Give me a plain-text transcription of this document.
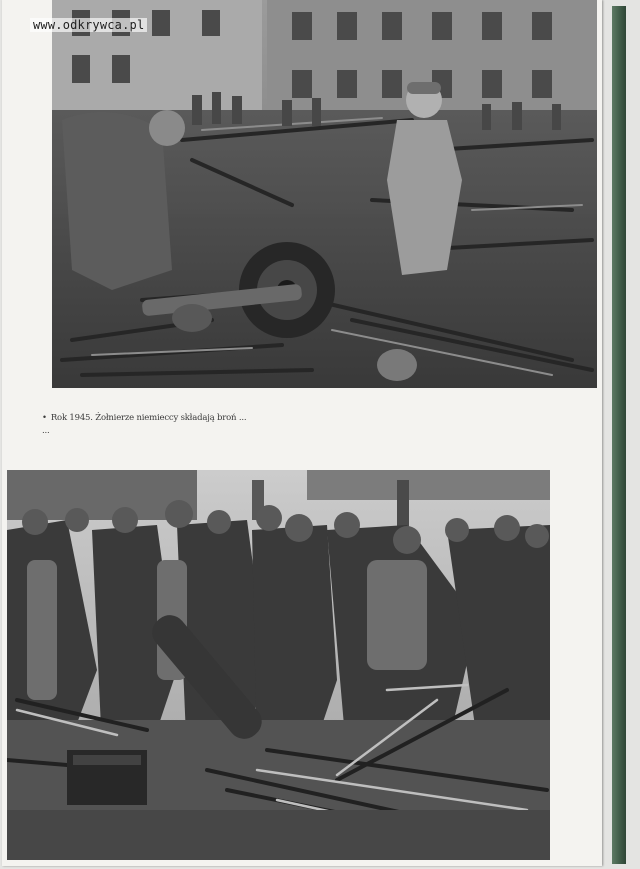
• Rok 1945. Żołnierze niemieccy składają broń ...
...
www.odkrywca.pl
